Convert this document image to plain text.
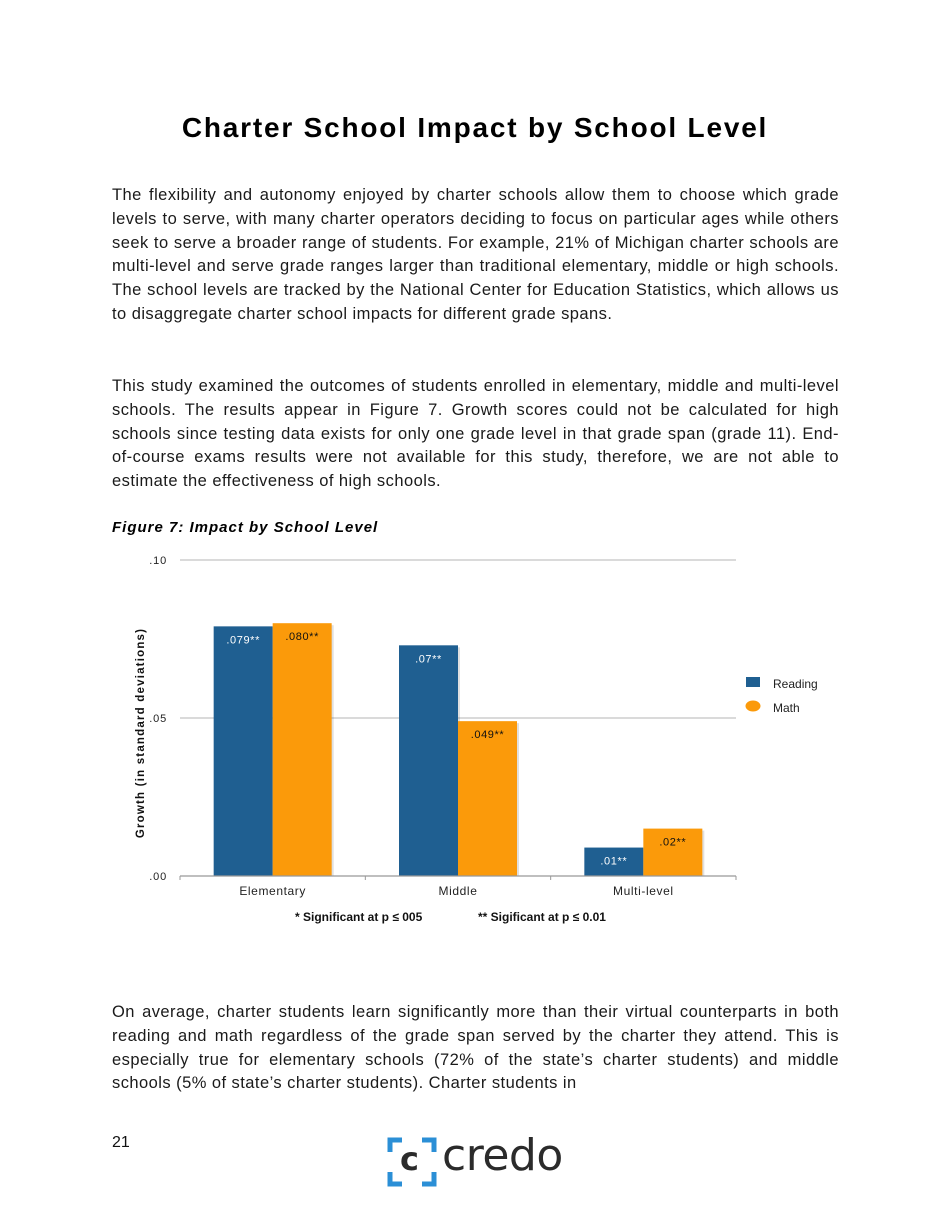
Charter School Impact by School Level

The flexibility and autonomy enjoyed by charter schools allow them to choose which grade levels to serve, with many charter operators deciding to focus on particular ages while others seek to serve a broader range of students. For example, 21% of Michigan charter schools are multi-level and serve grade ranges larger than traditional elementary, middle or high schools. The school levels are tracked by the National Center for Education Statistics, which allows us to disaggregate charter school impacts for different grade spans.

This study examined the outcomes of students enrolled in elementary, middle and multi-level schools. The results appear in Figure 7. Growth scores could not be calculated for high schools since testing data exists for only one grade level in that grade span (grade 11). End-of-course exams results were not available for this study, therefore, we are not able to estimate the effectiveness of high schools.

Figure 7: Impact by School Level
.079** .080**
.07**
.049**
.01**
.02**
.00
.05
.10
Elementary	Middle	Multi-level
Growth (in standard deviations)	Reading
Math
* Significant at p ≤ 005	** Sigificant at p ≤ 0.01

On average, charter students learn significantly more than their virtual counterparts in both reading and math regardless of the grade span served by the charter they attend. This is especially true for elementary schools (72% of the state’s charter students) and middle schools (5% of state’s charter students). Charter students in

21	c credo
